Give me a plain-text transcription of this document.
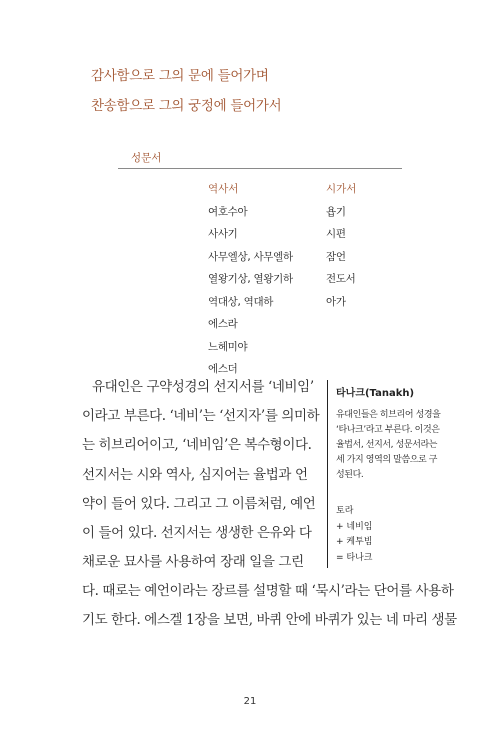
감사함으로 그의 문에 들어가며
찬송함으로 그의 궁정에 들어가서
성문서
역사서
여호수아
사사기
사무엘상, 사무엘하
열왕기상, 열왕기하
역대상, 역대하
에스라
느헤미야
에스더
시가서
욥기
시편
잠언
전도서
아가
유대인은 구약성경의 선지서를 ‘네비임’
이라고 부른다. ‘네비’는 ‘선지자’를 의미하
는 히브리어이고, ‘네비임’은 복수형이다.
선지서는 시와 역사, 심지어는 율법과 언
약이 들어 있다. 그리고 그 이름처럼, 예언
이 들어 있다. 선지서는 생생한 은유와 다
채로운 묘사를 사용하여 장래 일을 그린
다. 때로는 예언이라는 장르를 설명할 때 ‘묵시’라는 단어를 사용하
기도 한다. 에스겔 1장을 보면, 바퀴 안에 바퀴가 있는 네 마리 생물
타나크(Tanakh)
유대인들은 히브리어 성경을
‘타나크’라고 부른다. 이것은
율법서, 선지서, 성문서라는
세 가지 영역의 말씀으로 구
성된다.
토라
+ 네비임
+ 케투빔
= 타나크
21
